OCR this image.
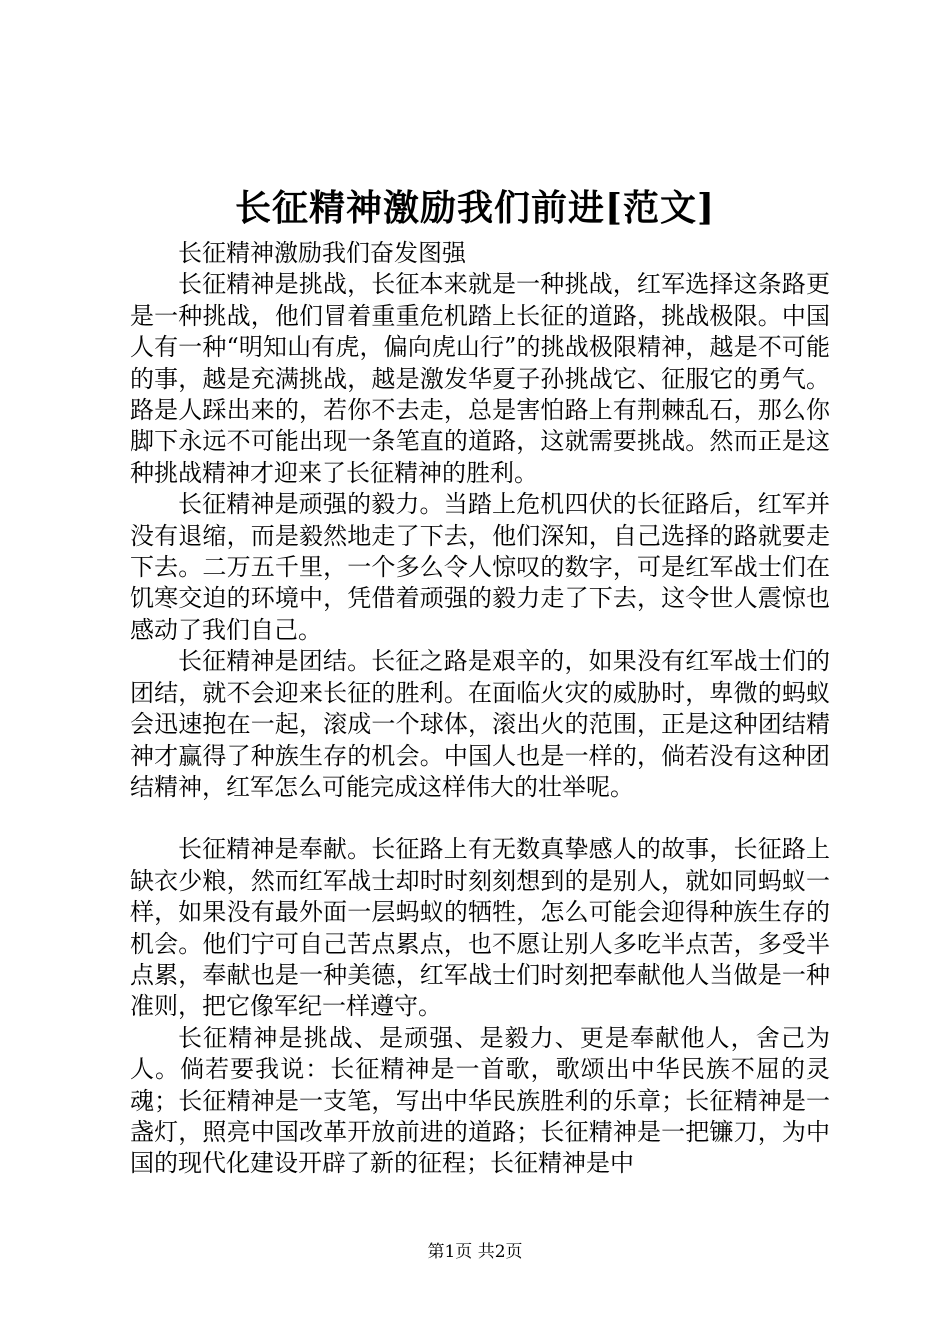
长征精神激励我们前进[范文]

长征精神激励我们奋发图强

长征精神是挑战，长征本来就是一种挑战，红军选择这条路更是一种挑战，他们冒着重重危机踏上长征的道路，挑战极限。中国人有一种“明知山有虎，偏向虎山行”的挑战极限精神，越是不可能的事，越是充满挑战，越是激发华夏子孙挑战它、征服它的勇气。路是人踩出来的，若你不去走，总是害怕路上有荆棘乱石，那么你脚下永远不可能出现一条笔直的道路，这就需要挑战。然而正是这种挑战精神才迎来了长征精神的胜利。

长征精神是顽强的毅力。当踏上危机四伏的长征路后，红军并没有退缩，而是毅然地走了下去，他们深知，自己选择的路就要走下去。二万五千里，一个多么令人惊叹的数字，可是红军战士们在饥寒交迫的环境中，凭借着顽强的毅力走了下去，这令世人震惊也感动了我们自己。

长征精神是团结。长征之路是艰辛的，如果没有红军战士们的团结，就不会迎来长征的胜利。在面临火灾的威胁时，卑微的蚂蚁会迅速抱在一起，滚成一个球体，滚出火的范围，正是这种团结精神才赢得了种族生存的机会。中国人也是一样的，倘若没有这种团结精神，红军怎么可能完成这样伟大的壮举呢。

长征精神是奉献。长征路上有无数真挚感人的故事，长征路上缺衣少粮，然而红军战士却时时刻刻想到的是别人，就如同蚂蚁一样，如果没有最外面一层蚂蚁的牺牲，怎么可能会迎得种族生存的机会。他们宁可自己苦点累点，也不愿让别人多吃半点苦，多受半点累，奉献也是一种美德，红军战士们时刻把奉献他人当做是一种准则，把它像军纪一样遵守。

长征精神是挑战、是顽强、是毅力、更是奉献他人，舍己为人。倘若要我说：长征精神是一首歌，歌颂出中华民族不屈的灵魂；长征精神是一支笔，写出中华民族胜利的乐章；长征精神是一盏灯，照亮中国改革开放前进的道路；长征精神是一把镰刀，为中国的现代化建设开辟了新的征程；长征精神是中

第1页 共2页
